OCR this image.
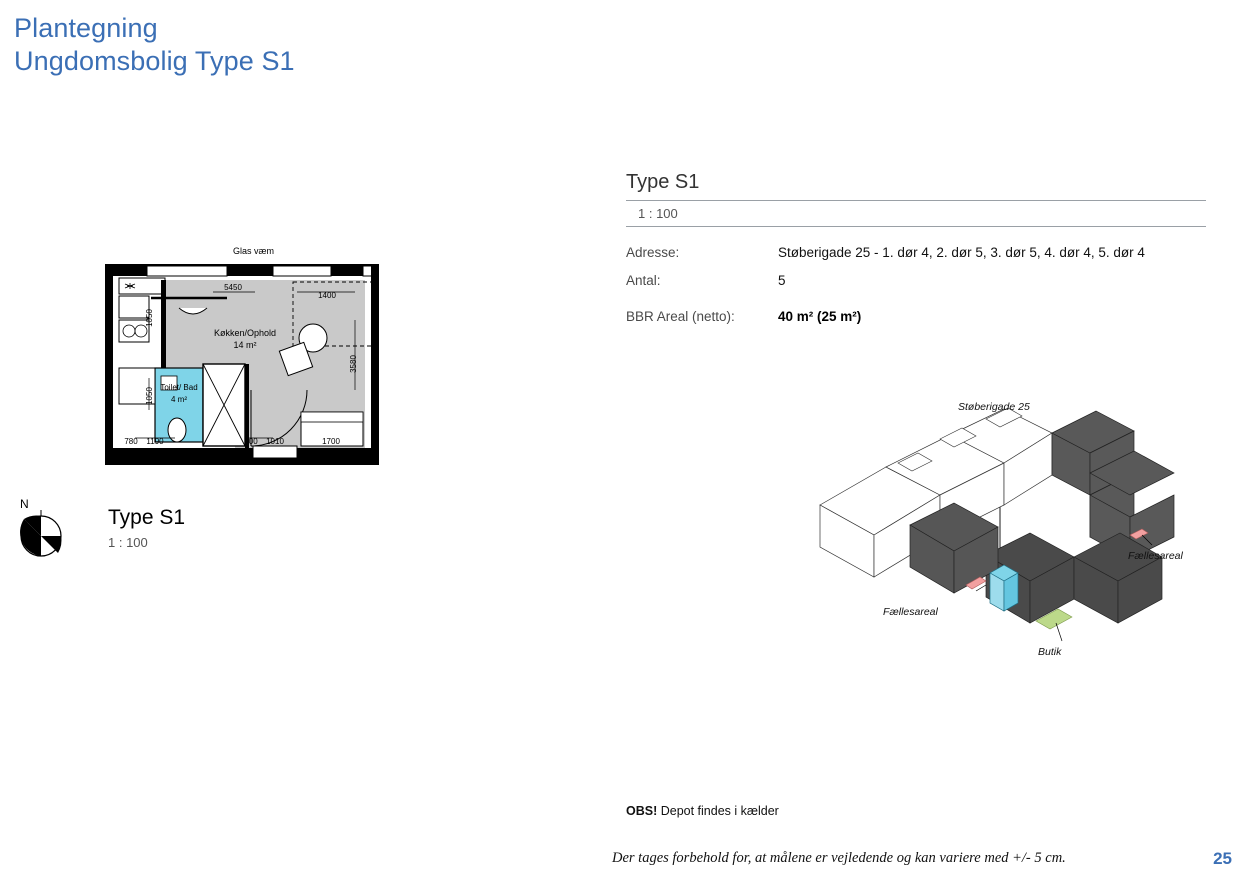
Plantegning
Ungdomsbolig Type S1
5450
1400
3580
1050
1050
1190
780	900 1010	1700
Køkken/Ophold
14 m²
Toilet/ Bad
4 m²
Glas væm
N
Type S1
1 : 100
Type S1
1 : 100
Adresse:	Støberigade 25 - 1. dør 4, 2. dør 5, 3. dør 5, 4. dør 4, 5. dør 4
Antal:	5
BBR Areal (netto):	40 m² (25 m²)
Støberigade 25
Fællesareal
Fællesareal
Butik
OBS! Depot findes i kælder
Der tages forbehold for, at målene er vejledende og kan variere med +/- 5 cm.	25
